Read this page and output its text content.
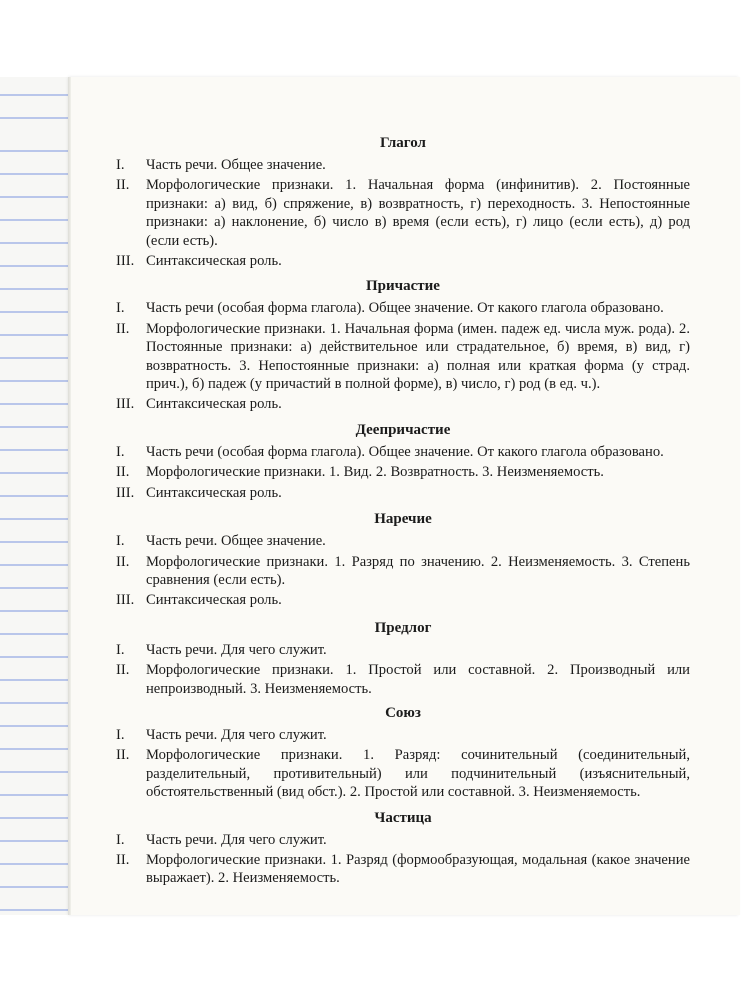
Глагол
I. Часть речи. Общее значение.
II. Морфологические признаки. 1. Начальная форма (инфинитив). 2. Постоянные признаки: а) вид, б) спряжение, в) возвратность, г) переходность. 3. Непостоянные признаки: а) наклонение, б) число в) время (если есть), г) лицо (если есть), д) род (если есть).
III. Синтаксическая роль.
Причастие
I. Часть речи (особая форма глагола). Общее значение. От какого глагола образовано.
II. Морфологические признаки. 1. Начальная форма (имен. падеж ед. числа муж. рода). 2. Постоянные признаки: а) действительное или страдательное, б) время, в) вид, г) возвратность. 3. Непостоянные признаки: а) полная или краткая форма (у страд. прич.), б) падеж (у причастий в полной форме), в) число, г) род (в ед. ч.).
III. Синтаксическая роль.
Деепричастие
I. Часть речи (особая форма глагола). Общее значение. От какого глагола образовано.
II. Морфологические признаки. 1. Вид. 2. Возвратность. 3. Неизменяемость.
III. Синтаксическая роль.
Наречие
I. Часть речи. Общее значение.
II. Морфологические признаки. 1. Разряд по значению. 2. Неизменяемость. 3. Степень сравнения (если есть).
III. Синтаксическая роль.
Предлог
I. Часть речи. Для чего служит.
II. Морфологические признаки. 1. Простой или составной. 2. Производный или непроизводный. 3. Неизменяемость.
Союз
I. Часть речи. Для чего служит.
II. Морфологические признаки. 1. Разряд: сочинительный (соединительный, разделительный, противительный) или подчинительный (изъяснительный, обстоятельственный (вид обст.). 2. Простой или составной. 3. Неизменяемость.
Частица
I. Часть речи. Для чего служит.
II. Морфологические признаки. 1. Разряд (формообразующая, модальная (какое значение выражает). 2. Неизменяемость.
